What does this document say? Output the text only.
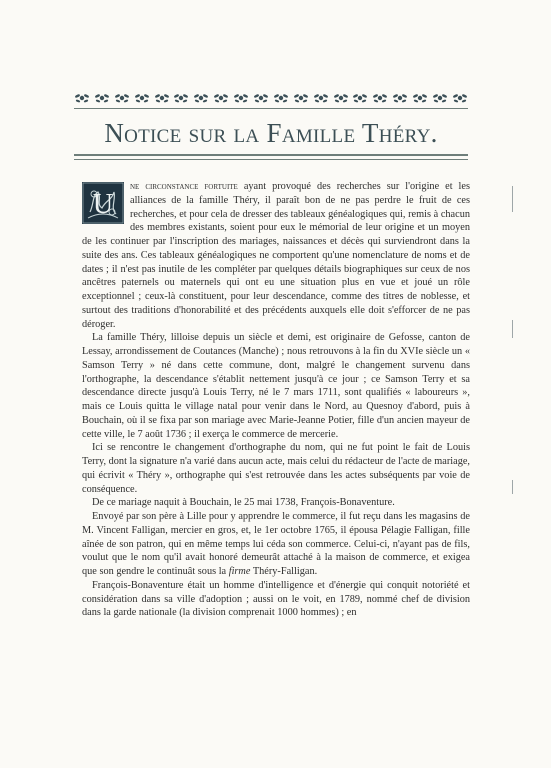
Notice sur la Famille Théry.

U
ne circonstance fortuite ayant provoqué des recherches sur l'origine et les alliances de la famille Théry, il paraît bon de ne pas perdre le fruit de ces recherches, et pour cela de dresser des tableaux généalogiques qui, remis à chacun des membres existants, soient pour eux le mémorial de leur origine et un moyen de les continuer par l'inscription des mariages, naissances et décès qui surviendront dans la suite des ans. Ces tableaux généalogiques ne comportent qu'une nomenclature de noms et de dates ; il n'est pas inutile de les compléter par quelques détails biographiques sur ceux de nos ancêtres paternels ou maternels qui ont eu une situation plus en vue et joué un rôle exceptionnel ; ceux-là constituent, pour leur descendance, comme des titres de noblesse, et surtout des traditions d'honorabilité et des précédents auxquels elle doit s'efforcer de ne pas déroger.

La famille Théry, lilloise depuis un siècle et demi, est originaire de Gefosse, canton de Lessay, arrondissement de Coutances (Manche) ; nous retrouvons à la fin du XVIe siècle un « Samson Terry » né dans cette commune, dont, malgré le changement survenu dans l'orthographe, la descendance s'établit nettement jusqu'à ce jour ; ce Samson Terry et sa descendance directe jusqu'à Louis Terry, né le 7 mars 1711, sont qualifiés « laboureurs », mais ce Louis quitta le village natal pour venir dans le Nord, au Quesnoy d'abord, puis à Bouchain, où il se fixa par son mariage avec Marie-Jeanne Potier, fille d'un ancien mayeur de cette ville, le 7 août 1736 ; il exerça le commerce de mercerie.

Ici se rencontre le changement d'orthographe du nom, qui ne fut point le fait de Louis Terry, dont la signature n'a varié dans aucun acte, mais celui du rédacteur de l'acte de mariage, qui écrivit « Théry », orthographe qui s'est retrouvée dans les actes subséquents par voie de conséquence.

De ce mariage naquit à Bouchain, le 25 mai 1738, François-Bonaventure.

Envoyé par son père à Lille pour y apprendre le commerce, il fut reçu dans les magasins de M. Vincent Falligan, mercier en gros, et, le 1er octobre 1765, il épousa Pélagie Falligan, fille aînée de son patron, qui en même temps lui céda son commerce. Celui-ci, n'ayant pas de fils, voulut que le nom qu'il avait honoré demeurât attaché à la maison de commerce, et exigea que son gendre le continuât sous la firme Théry-Falligan.

François-Bonaventure était un homme d'intelligence et d'énergie qui conquit notoriété et considération dans sa ville d'adoption ; aussi on le voit, en 1789, nommé chef de division dans la garde nationale (la division comprenait 1000 hommes) ; en
